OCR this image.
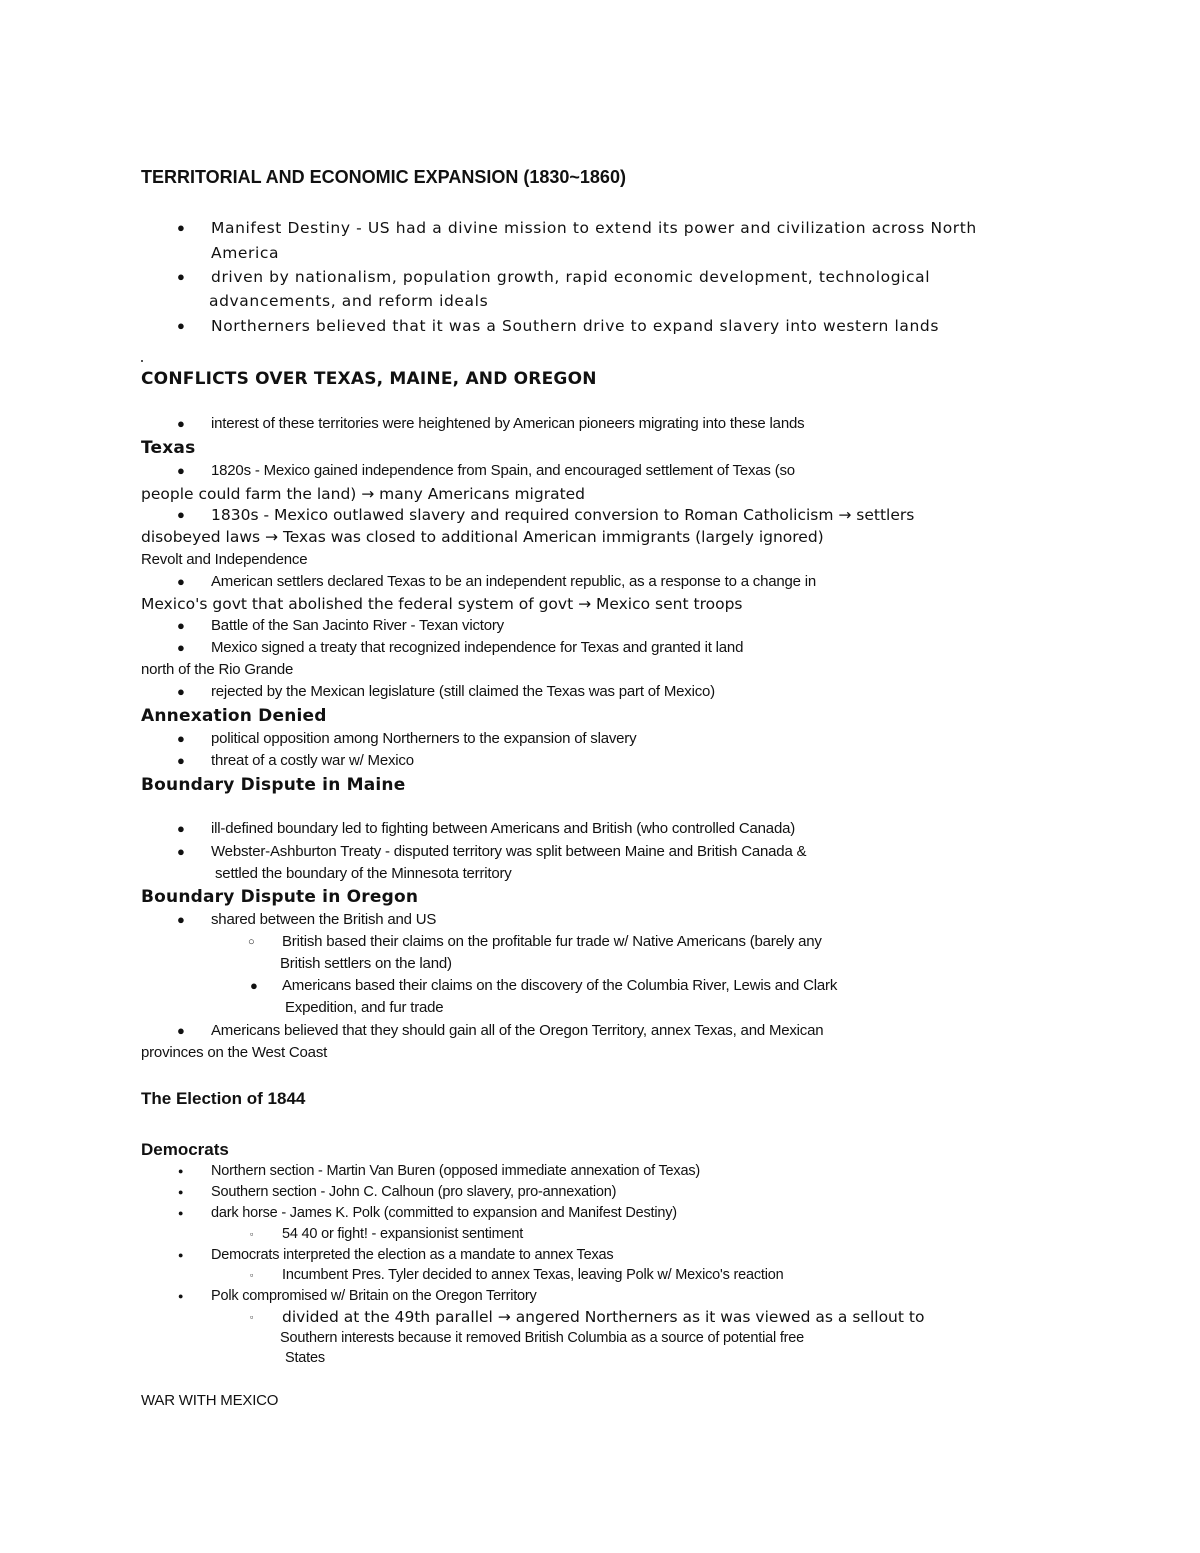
TERRITORIAL AND ECONOMIC EXPANSION (1830~1860)
● Manifest Destiny - US had a divine mission to extend its power and civilization across North
America
● driven by nationalism, population growth, rapid economic development, technological
advancements, and reform ideals
● Northerners believed that it was a Southern drive to expand slavery into western lands
CONFLICTS OVER TEXAS, MAINE, AND OREGON
● interest of these territories were heightened by American pioneers migrating into these lands
Texas
● 1820s - Mexico gained independence from Spain, and encouraged settlement of Texas (so
people could farm the land) → many Americans migrated
● 1830s - Mexico outlawed slavery and required conversion to Roman Catholicism → settlers
disobeyed laws → Texas was closed to additional American immigrants (largely ignored)
Revolt and Independence
● American settlers declared Texas to be an independent republic, as a response to a change in
Mexico's govt that abolished the federal system of govt → Mexico sent troops
● Battle of the San Jacinto River - Texan victory
● Mexico signed a treaty that recognized independence for Texas and granted it land
north of the Rio Grande
● rejected by the Mexican legislature (still claimed the Texas was part of Mexico)
Annexation Denied
● political opposition among Northerners to the expansion of slavery
● threat of a costly war w/ Mexico
Boundary Dispute in Maine
● ill-defined boundary led to fighting between Americans and British (who controlled Canada)
● Webster-Ashburton Treaty - disputed territory was split between Maine and British Canada &
settled the boundary of the Minnesota territory
Boundary Dispute in Oregon
● shared between the British and US
○ British based their claims on the profitable fur trade w/ Native Americans (barely any
British settlers on the land)
● Americans based their claims on the discovery of the Columbia River, Lewis and Clark
Expedition, and fur trade
● Americans believed that they should gain all of the Oregon Territory, annex Texas, and Mexican
provinces on the West Coast
The Election of 1844
Democrats
● Northern section - Martin Van Buren (opposed immediate annexation of Texas)
● Southern section - John C. Calhoun (pro slavery, pro-annexation)
● dark horse - James K. Polk (committed to expansion and Manifest Destiny)
▫ 54 40 or fight! - expansionist sentiment
● Democrats interpreted the election as a mandate to annex Texas
▫ Incumbent Pres. Tyler decided to annex Texas, leaving Polk w/ Mexico's reaction
● Polk compromised w/ Britain on the Oregon Territory
▫ divided at the 49th parallel → angered Northerners as it was viewed as a sellout to
Southern interests because it removed British Columbia as a source of potential free
States
WAR WITH MEXICO
